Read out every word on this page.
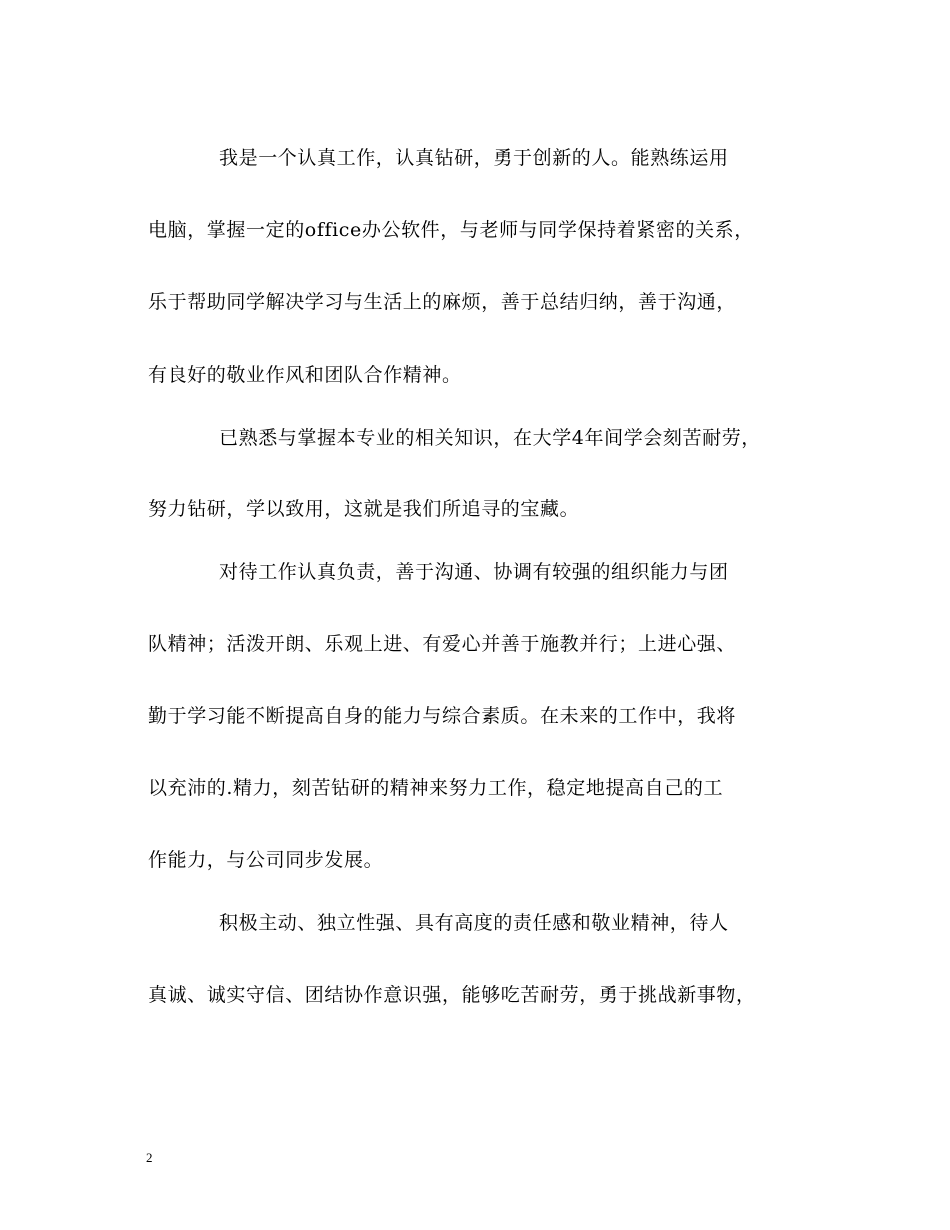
我是一个认真工作，认真钻研，勇于创新的人。能熟练运用
电脑，掌握一定的office办公软件，与老师与同学保持着紧密的关系，
乐于帮助同学解决学习与生活上的麻烦，善于总结归纳，善于沟通，
有良好的敬业作风和团队合作精神。
已熟悉与掌握本专业的相关知识，在大学4年间学会刻苦耐劳，
努力钻研，学以致用，这就是我们所追寻的宝藏。
对待工作认真负责，善于沟通、协调有较强的组织能力与团
队精神；活泼开朗、乐观上进、有爱心并善于施教并行；上进心强、
勤于学习能不断提高自身的能力与综合素质。在未来的工作中，我将
以充沛的.精力，刻苦钻研的精神来努力工作，稳定地提高自己的工
作能力，与公司同步发展。
积极主动、独立性强、具有高度的责任感和敬业精神，待人
真诚、诚实守信、团结协作意识强，能够吃苦耐劳，勇于挑战新事物，
2
